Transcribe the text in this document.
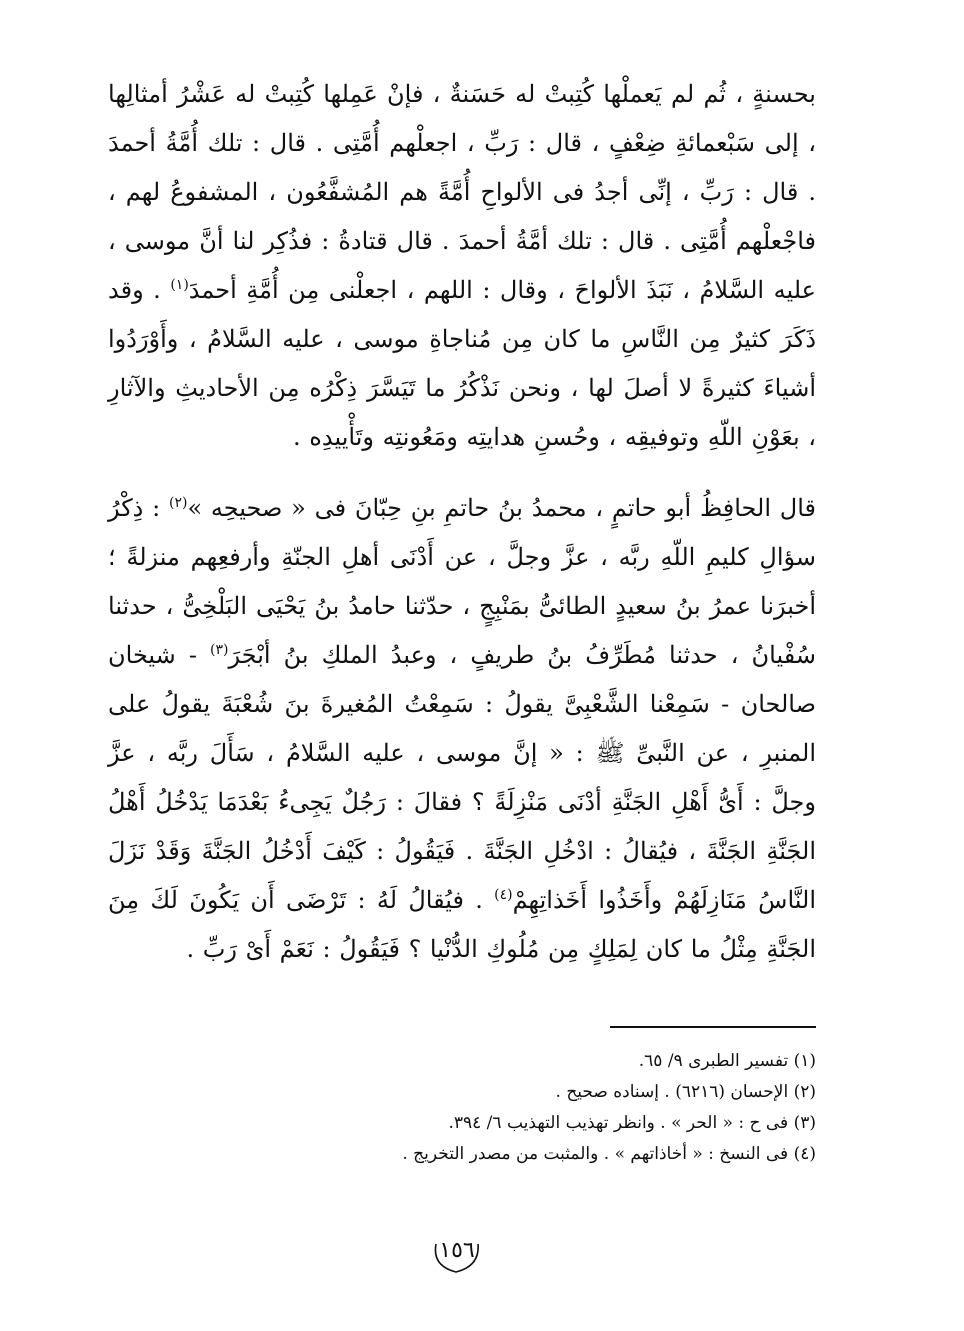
بحسنةٍ ، ثُم لم يَعملْها كُتِبتْ له حَسَنةٌ ، فإنْ عَمِلها كُتِبتْ له عَشْرُ أمثالِها ، إلى سَبْعمائةِ ضِعْفٍ ، قال : رَبِّ ، اجعلْهم أُمَّتِى . قال : تلك أُمَّةُ أحمدَ . قال : رَبِّ ، إنِّى أجدُ فى الألواحِ أُمَّةً هم المُشفَّعُون ، المشفوعُ لهم ، فاجْعلْهم أُمَّتِى . قال : تلك أمَّةُ أحمدَ . قال قتادةُ : فذُكِر لنا أنَّ موسى ، عليه السَّلامُ ، نَبَذَ الألواحَ ، وقال : اللهم ، اجعلْنى مِن أُمَّةِ أحمدَ$^{(١)}$ . وقد ذَكَرَ كثيرٌ مِن النَّاسِ ما كان مِن مُناجاةِ موسى ، عليه السَّلامُ ، وأَوْرَدُوا أشياءَ كثيرةً لا أصلَ لها ، ونحن نَذْكُرُ ما تَيَسَّرَ ذِكْرُه مِن الأحاديثِ والآثارِ ، بعَوْنِ اللّهِ وتوفيقِه ، وحُسنِ هدايتِه ومَعُونتِه وتَأْييدِه .

قال الحافِظُ أبو حاتمٍ ، محمدُ بنُ حاتمِ بنِ حِبّانَ فى « صحيحِه »$^{(٢)}$ : ذِكْرُ سؤالِ كليمِ اللّهِ ربَّه ، عزَّ وجلَّ ، عن أَدْنَى أهلِ الجنّةِ وأرفعِهم منزلةً ؛ أخبرَنا عمرُ بنُ سعيدٍ الطائىُّ بمَنْبِجٍ ، حدّثنا حامدُ بنُ يَحْيَى البَلْخِىُّ ، حدثنا سُفْيانُ ، حدثنا مُطَرِّفُ بنُ طريفٍ ، وعبدُ الملكِ بنُ أبْجَرَ$^{(٣)}$ - شيخان صالحان - سَمِعْنا الشَّعْبِىَّ يقولُ : سَمِعْتُ المُغيرةَ بنَ شُعْبَةَ يقولُ على المنبرِ ، عن النَّبىِّ ﷺ : « إنَّ موسى ، عليه السَّلامُ ، سَأَلَ ربَّه ، عزَّ وجلَّ : أَىُّ أَهْلِ الجَنَّةِ أدْنَى مَنْزِلَةً ؟ فقالَ : رَجُلٌ يَجِىءُ بَعْدَمَا يَدْخُلُ أَهْلُ الجَنَّةِ الجَنَّةَ ، فيُقالُ : ادْخُلِ الجَنَّةَ . فَيَقُولُ : كَيْفَ أَدْخُلُ الجَنَّةَ وَقَدْ نَزَلَ النَّاسُ مَنَازِلَهُمْ وأَخَذُوا أَخَذاتِهِمْ$^{(٤)}$ . فيُقالُ لَهُ : تَرْضَى أَن يَكُونَ لَكَ مِنَ الجَنَّةِ مِثْلُ ما كان لِمَلِكٍ مِن مُلُوكِ الدُّنْيا ؟ فَيَقُولُ : نَعَمْ أَىْ رَبِّ .

(١) تفسير الطبرى ٩/ ٦٥.

(٢) الإحسان (٦٢١٦) . إسناده صحيح .

(٣) فى ح : « الحر » . وانظر تهذيب التهذيب ٦/ ٣٩٤.

(٤) فى النسخ : « أخاذاتهم » . والمثبت من مصدر التخريج .

١٥٦
